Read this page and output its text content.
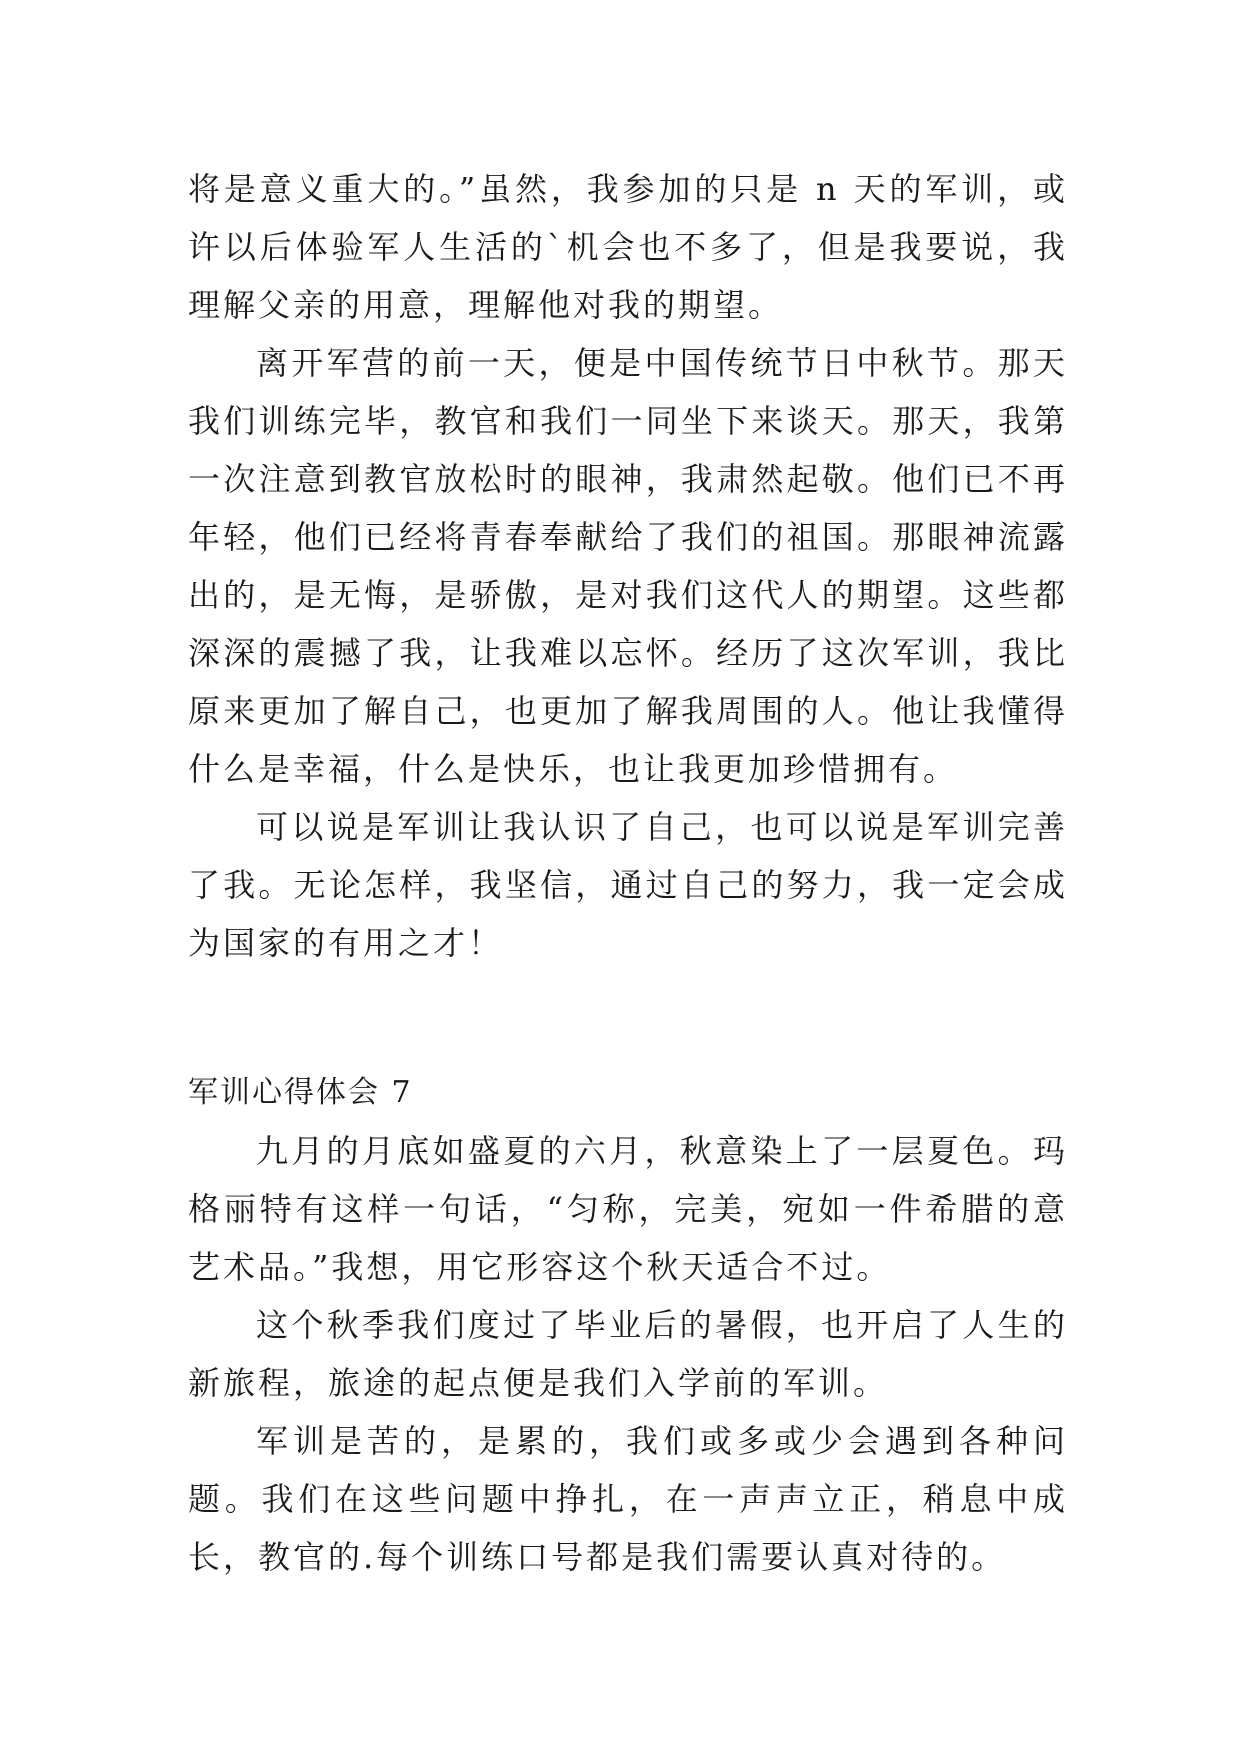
将是意义重大的。”虽然，我参加的只是 n 天的军训，或许以后体验军人生活的`机会也不多了，但是我要说，我理解父亲的用意，理解他对我的期望。

离开军营的前一天，便是中国传统节日中秋节。那天我们训练完毕，教官和我们一同坐下来谈天。那天，我第一次注意到教官放松时的眼神，我肃然起敬。他们已不再年轻，他们已经将青春奉献给了我们的祖国。那眼神流露出的，是无悔，是骄傲，是对我们这代人的期望。这些都深深的震撼了我，让我难以忘怀。经历了这次军训，我比原来更加了解自己，也更加了解我周围的人。他让我懂得什么是幸福，什么是快乐，也让我更加珍惜拥有。

可以说是军训让我认识了自己，也可以说是军训完善了我。无论怎样，我坚信，通过自己的努力，我一定会成为国家的有用之才！

军训心得体会 7

九月的月底如盛夏的六月，秋意染上了一层夏色。玛格丽特有这样一句话，“匀称，完美，宛如一件希腊的意艺术品。”我想，用它形容这个秋天适合不过。

这个秋季我们度过了毕业后的暑假，也开启了人生的新旅程，旅途的起点便是我们入学前的军训。

军训是苦的，是累的，我们或多或少会遇到各种问题。我们在这些问题中挣扎，在一声声立正，稍息中成长，教官的.每个训练口号都是我们需要认真对待的。
